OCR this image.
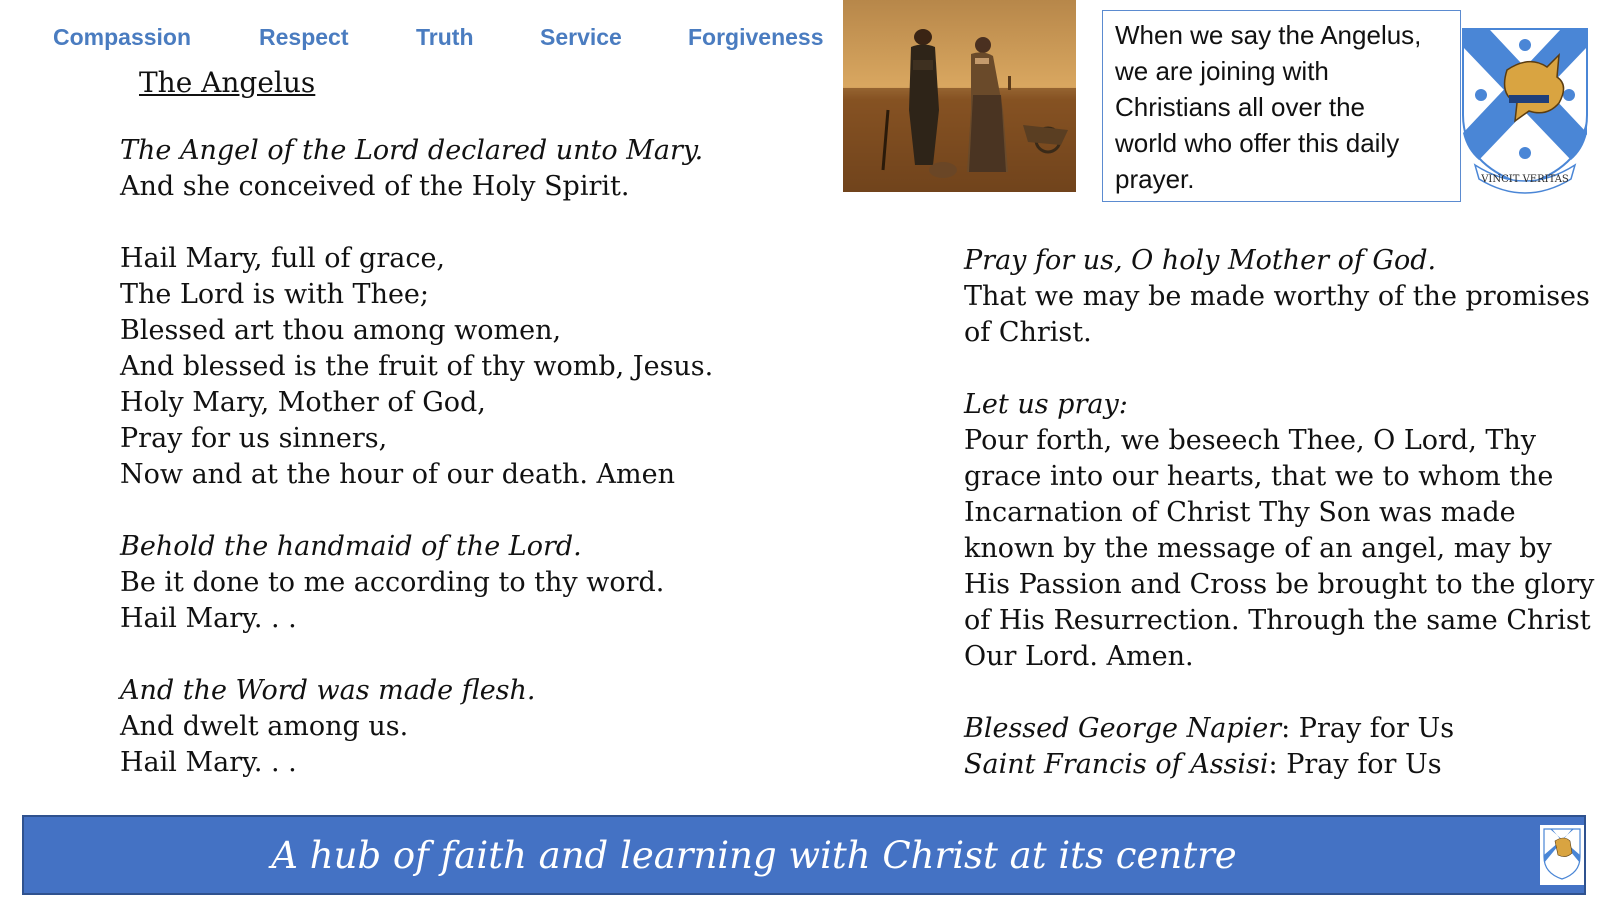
Compassion	Respect	Truth	Service	Forgiveness
The Angelus
The Angel of the Lord declared unto Mary.
And she conceived of the Holy Spirit.
Hail Mary, full of grace,
The Lord is with Thee;
Blessed art thou among women,
And blessed is the fruit of thy womb, Jesus.
Holy Mary, Mother of God,
Pray for us sinners,
Now and at the hour of our death. Amen
Behold the handmaid of the Lord.
Be it done to me according to thy word.
Hail Mary. . .
And the Word was made flesh.
And dwelt among us.
Hail Mary. . .
Pray for us, O holy Mother of God.
That we may be made worthy of the promises
of Christ.
Let us pray:
Pour forth, we beseech Thee, O Lord, Thy
grace into our hearts, that we to whom the
Incarnation of Christ Thy Son was made
known by the message of an angel, may by
His Passion and Cross be brought to the glory
of His Resurrection. Through the same Christ
Our Lord. Amen.
Blessed George Napier: Pray for Us
Saint Francis of Assisi: Pray for Us
When we say the Angelus,
we are joining with
Christians all over the
world who offer this daily
prayer.	VINCIT VERITAS
A hub of faith and learning with Christ at its centre
